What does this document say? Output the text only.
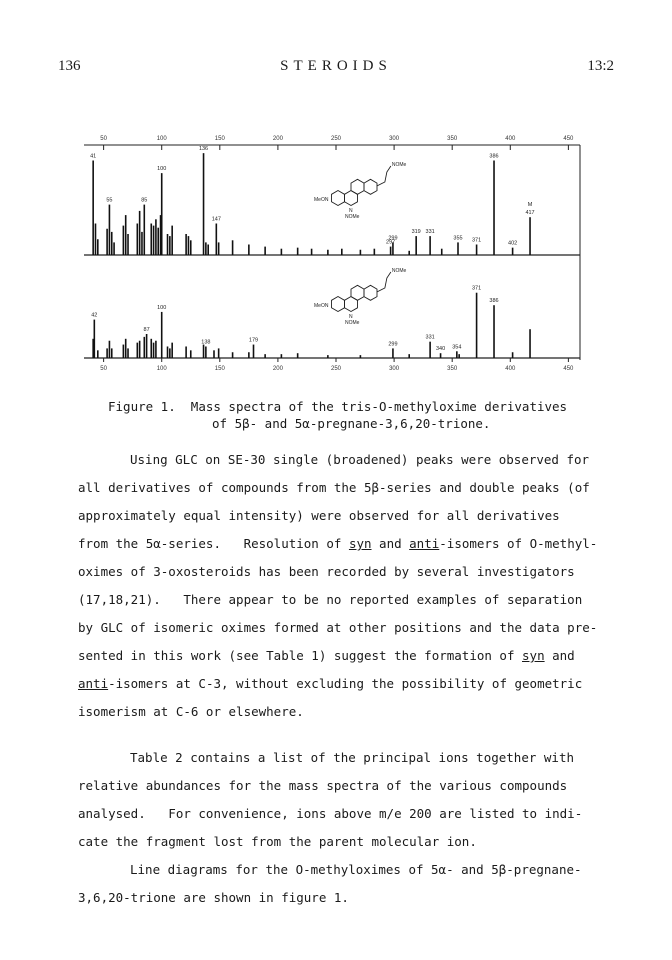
136	STEROIDS	13:2
NOMe
MeON
N
NOMe
NOMe
MeON
N
NOMe
50	100	150	200	250	300	350	400	450
41
55	85
100
136
147
297
299
319 331
355 371
386
402
417
M
50	100	150	200	250	300	350	400	450
42
87
100
138	179
299
331
340 354
371
386
Figure 1. Mass spectra of the tris-O-methyloxime derivatives
of 5β- and 5α-pregnane-3,6,20-trione.
Using GLC on SE-30 single (broadened) peaks were observed for
all derivatives of compounds from the 5β-series and double peaks (of
approximately equal intensity) were observed for all derivatives
from the 5α-series.   Resolution of syn and anti-isomers of O-methyl-
oximes of 3-oxosteroids has been recorded by several investigators
(17,18,21).   There appear to be no reported examples of separation
by GLC of isomeric oximes formed at other positions and the data pre-
sented in this work (see Table 1) suggest the formation of syn and
anti-isomers at C-3, without excluding the possibility of geometric
isomerism at C-6 or elsewhere.
Table 2 contains a list of the principal ions together with
relative abundances for the mass spectra of the various compounds
analysed.   For convenience, ions above m/e 200 are listed to indi-
cate the fragment lost from the parent molecular ion.
Line diagrams for the O-methyloximes of 5α- and 5β-pregnane-
3,6,20-trione are shown in figure 1.
